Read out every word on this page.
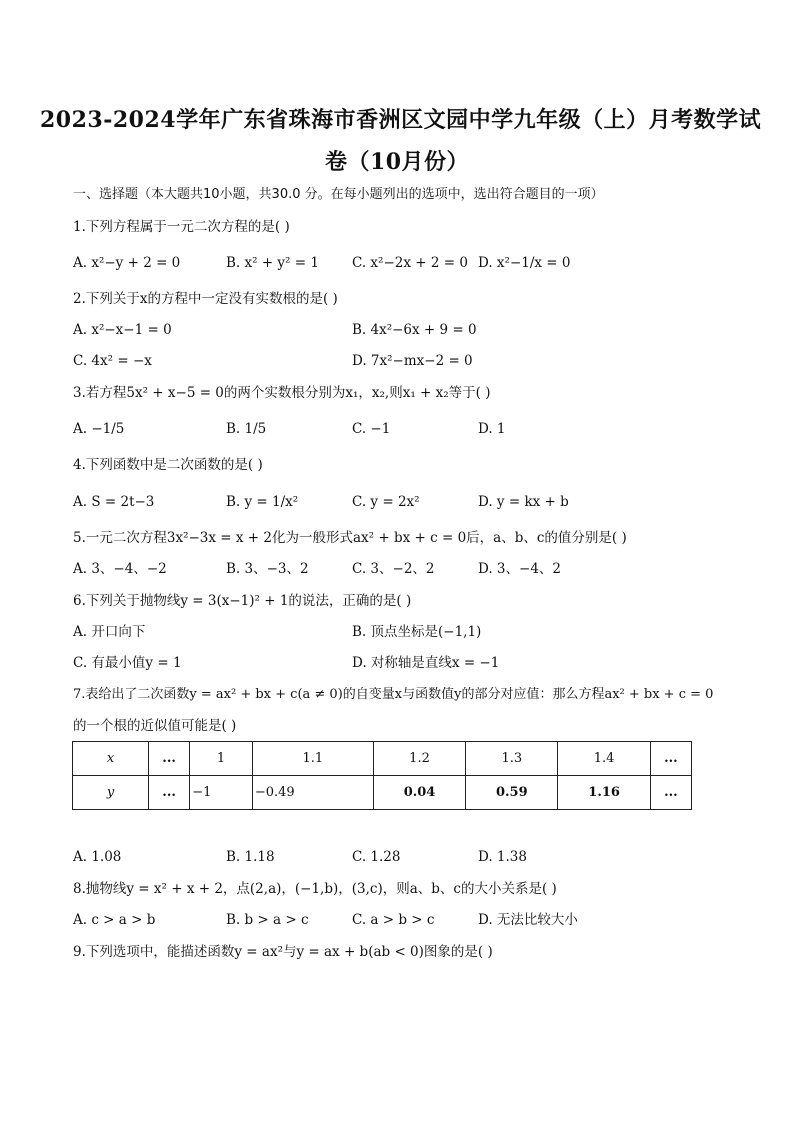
2023-2024学年广东省珠海市香洲区文园中学九年级（上）月考数学试
卷（10月份）
一、选择题（本大题共10小题，共30.0 分。在每小题列出的选项中，选出符合题目的一项）
1.下列方程属于一元二次方程的是( )
A. x²−y + 2 = 0	B. x² + y² = 1 C. x²−2x + 2 = 0 D. x²−1/x = 0
2.下列关于x的方程中一定没有实数根的是( )
A. x²−x−1 = 0	B. 4x²−6x + 9 = 0
C. 4x² = −x	D. 7x²−mx−2 = 0
3.若方程5x² + x−5 = 0的两个实数根分别为x₁，x₂,则x₁ + x₂等于( )
A. −1/5	B. 1/5	C. −1	D. 1
4.下列函数中是二次函数的是( )
A. S = 2t−3	B. y = 1/x²	C. y = 2x²	D. y = kx + b
5.一元二次方程3x²−3x = x + 2化为一般形式ax² + bx + c = 0后，a、b、c的值分别是( )
A. 3、−4、−2	B. 3、−3、2	C. 3、−2、2	D. 3、−4、2
6.下列关于抛物线y = 3(x−1)² + 1的说法，正确的是( )
A. 开口向下	B. 顶点坐标是(−1,1)
C. 有最小值y = 1	D. 对称轴是直线x = −1
7.表给出了二次函数y = ax² + bx + c(a ≠ 0)的自变量x与函数值y的部分对应值：那么方程ax² + bx + c = 0
的一个根的近似值可能是( )
x	...	1	1.1	1.2	1.3	1.4	...
y	...	−1	−0.49	0.04	0.59	1.16	...
A. 1.08	B. 1.18	C. 1.28	D. 1.38
8.抛物线y = x² + x + 2，点(2,a)，(−1,b)，(3,c)，则a、b、c的大小关系是( )
A. c > a > b	B. b > a > c	C. a > b > c	D. 无法比较大小
9.下列选项中，能描述函数y = ax²与y = ax + b(ab < 0)图象的是( )
